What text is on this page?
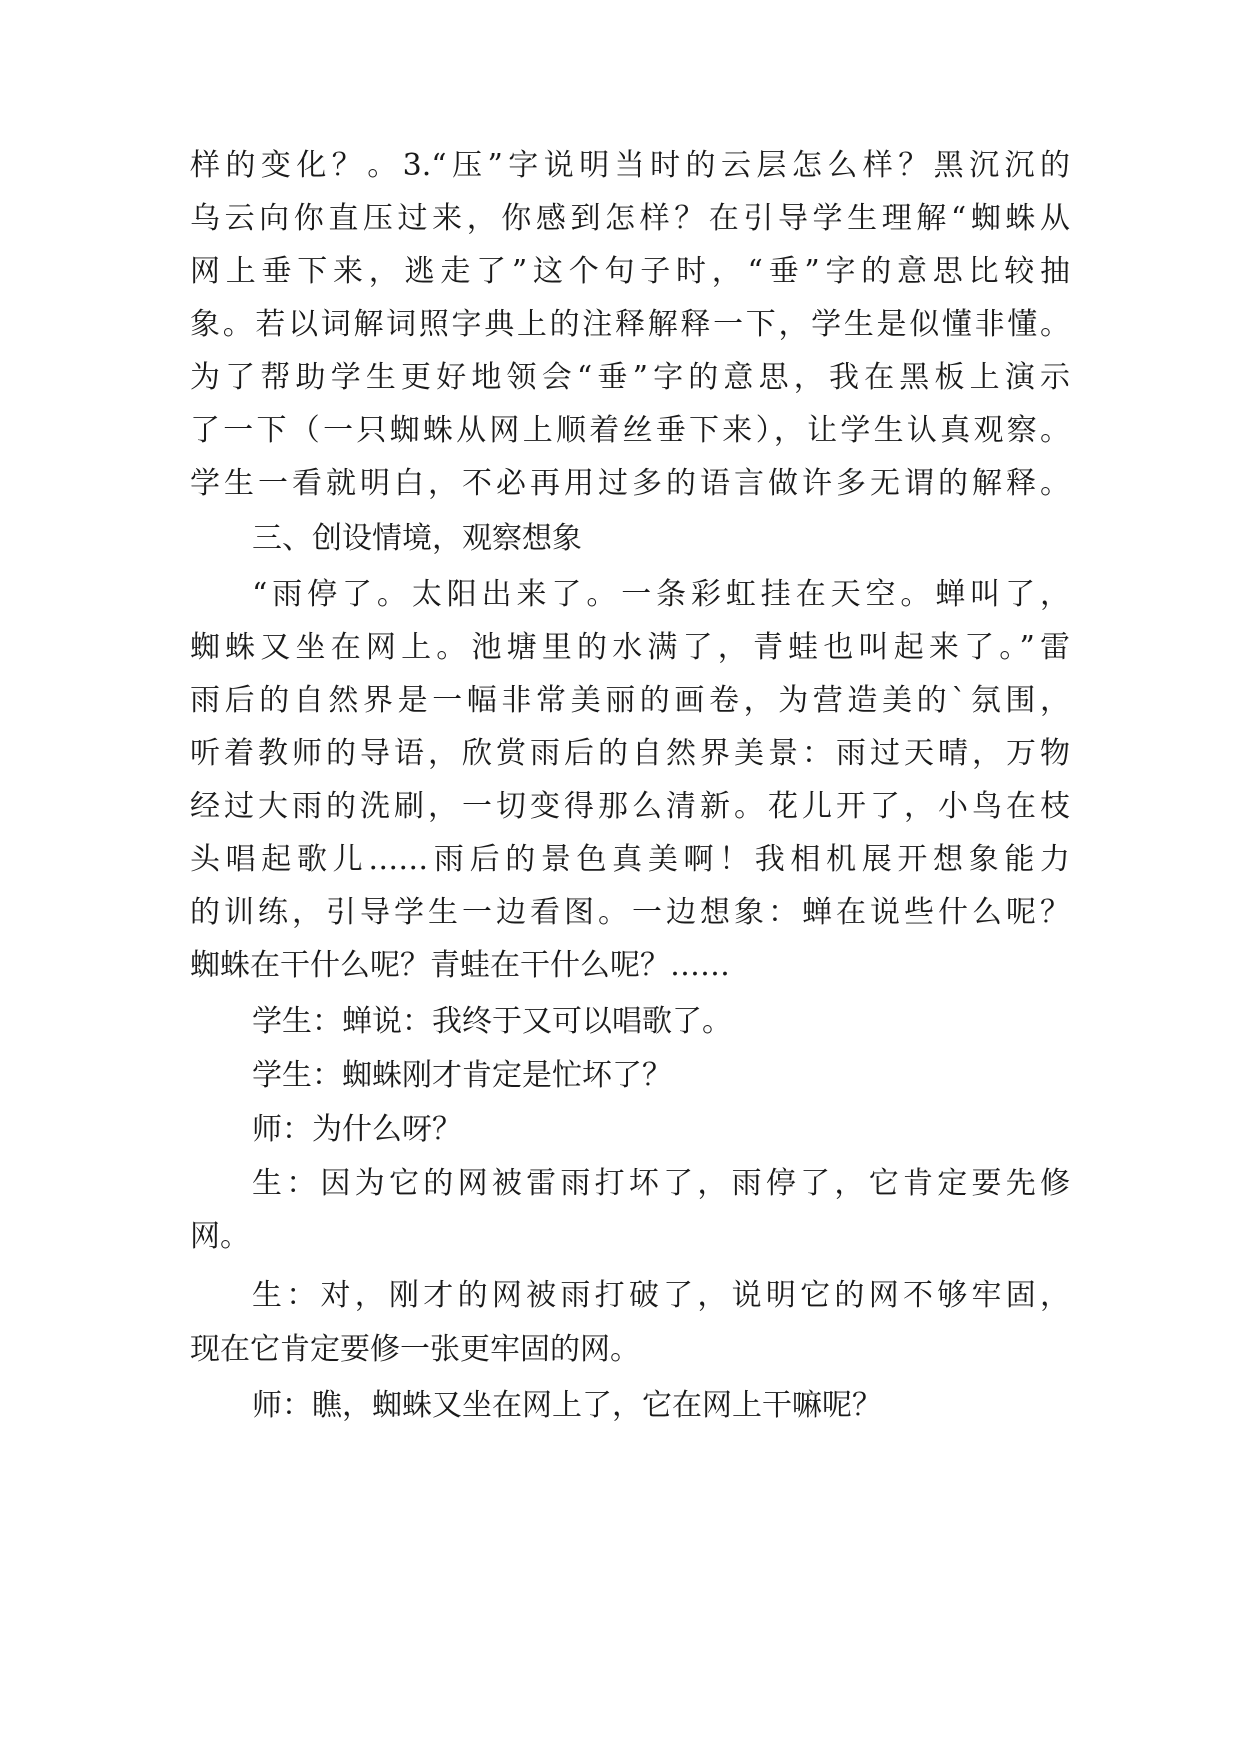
样的变化？。3.“压”字说明当时的云层怎么样？黑沉沉的
乌云向你直压过来，你感到怎样？在引导学生理解“蜘蛛从
网上垂下来，逃走了”这个句子时，“垂”字的意思比较抽
象。若以词解词照字典上的注释解释一下，学生是似懂非懂。
为了帮助学生更好地领会“垂”字的意思，我在黑板上演示
了一下（一只蜘蛛从网上顺着丝垂下来），让学生认真观察。
学生一看就明白，不必再用过多的语言做许多无谓的解释。
三、创设情境，观察想象
“雨停了。太阳出来了。一条彩虹挂在天空。蝉叫了，
蜘蛛又坐在网上。池塘里的水满了，青蛙也叫起来了。”雷
雨后的自然界是一幅非常美丽的画卷，为营造美的`氛围，
听着教师的导语，欣赏雨后的自然界美景：雨过天晴，万物
经过大雨的洗刷，一切变得那么清新。花儿开了，小鸟在枝
头唱起歌儿……雨后的景色真美啊！我相机展开想象能力
的训练，引导学生一边看图。一边想象：蝉在说些什么呢？
蜘蛛在干什么呢？青蛙在干什么呢？……
学生：蝉说：我终于又可以唱歌了。
学生：蜘蛛刚才肯定是忙坏了？
师：为什么呀？
生：因为它的网被雷雨打坏了，雨停了，它肯定要先修
网。
生：对，刚才的网被雨打破了，说明它的网不够牢固，
现在它肯定要修一张更牢固的网。
师：瞧，蜘蛛又坐在网上了，它在网上干嘛呢？
